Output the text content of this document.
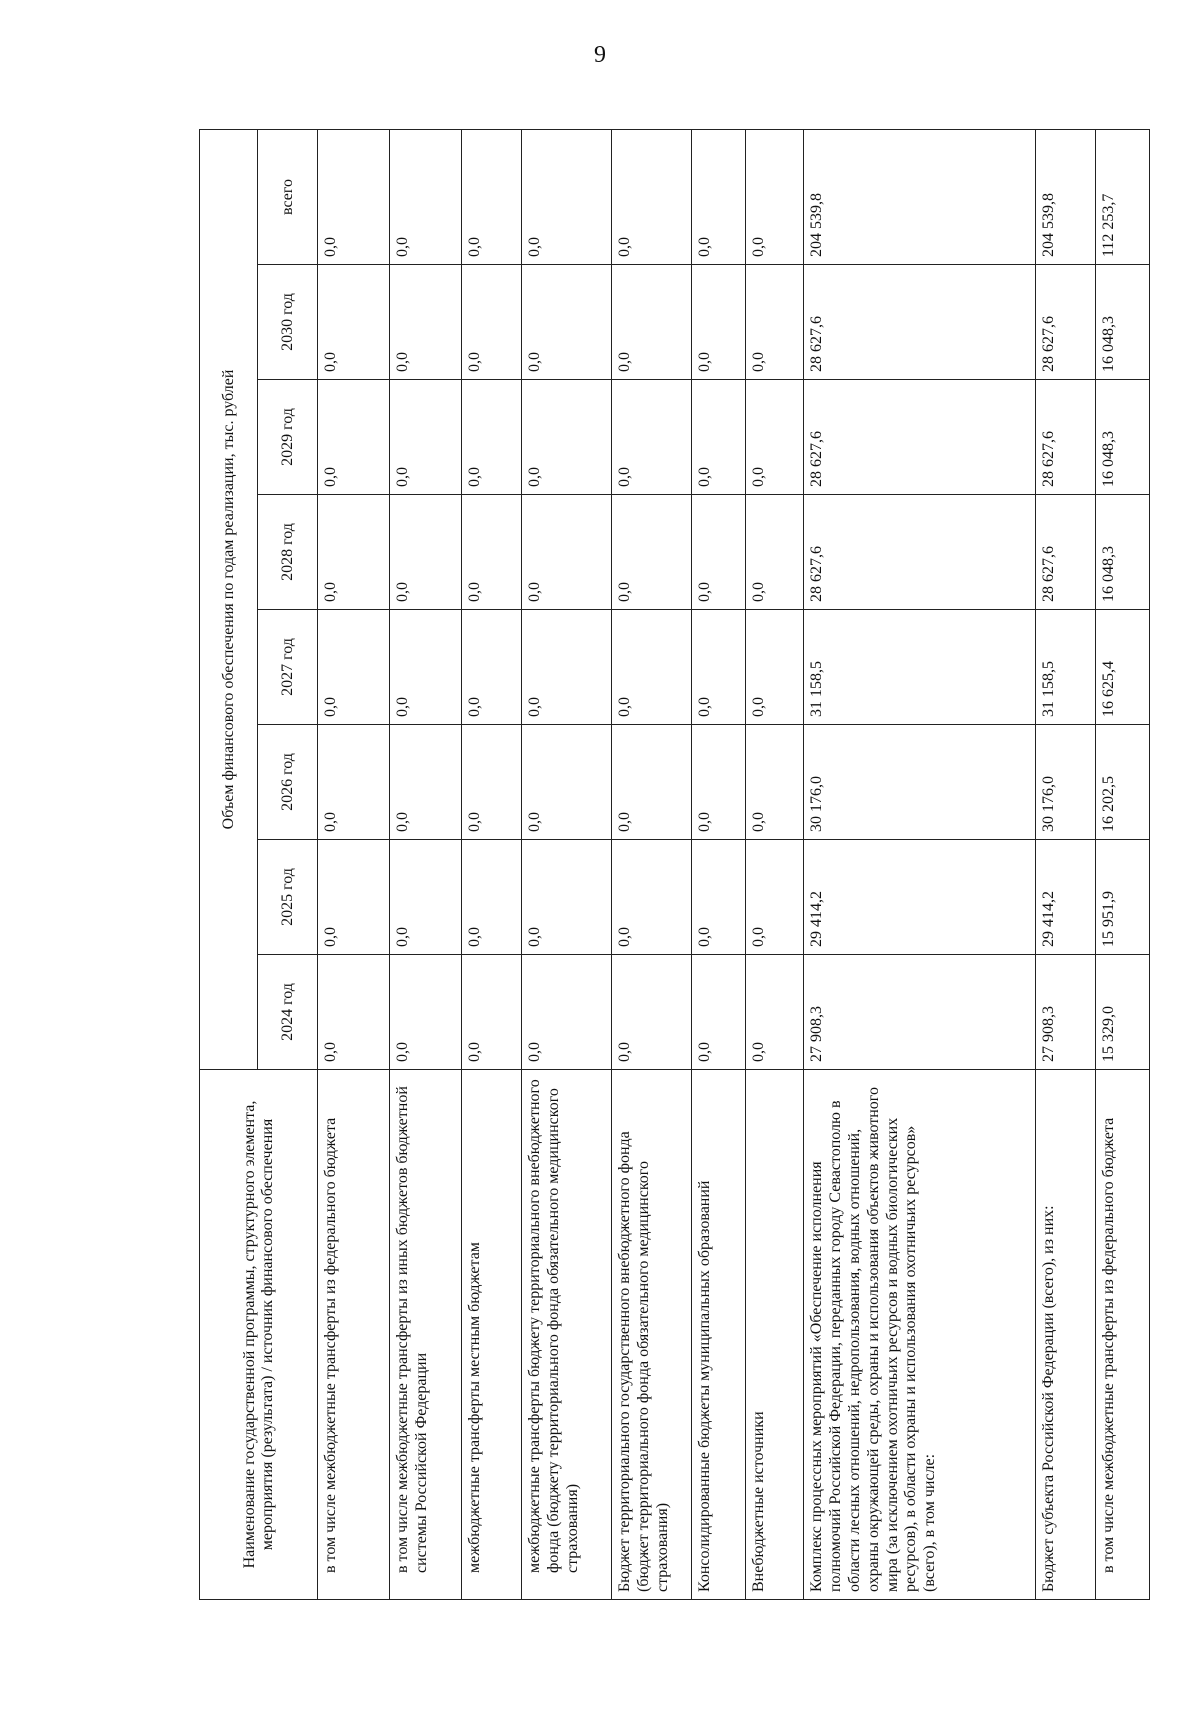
9
Наименование государственной программы, структурного элемента, мероприятия (результата) / источник финансового обеспечения	Объем финансового обеспечения по годам реализации, тыс. рублей							
	2024 год	2025 год	2026 год	2027 год	2028 год	2029 год	2030 год	всего
в том числе межбюджетные трансферты из федерального бюджета	0,0	0,0	0,0	0,0	0,0	0,0	0,0	0,0
в том числе межбюджетные трансферты из иных бюджетов бюджетной системы Российской Федерации	0,0	0,0	0,0	0,0	0,0	0,0	0,0	0,0
межбюджетные трансферты местным бюджетам	0,0	0,0	0,0	0,0	0,0	0,0	0,0	0,0
межбюджетные трансферты бюджету территориального внебюджетного фонда (бюджету территориального фонда обязательного медицинского страхования)	0,0	0,0	0,0	0,0	0,0	0,0	0,0	0,0
Бюджет территориального государственного внебюджетного фонда (бюджет территориального фонда обязательного медицинского страхования)	0,0	0,0	0,0	0,0	0,0	0,0	0,0	0,0
Консолидированные бюджеты муниципальных образований	0,0	0,0	0,0	0,0	0,0	0,0	0,0	0,0
Внебюджетные источники	0,0	0,0	0,0	0,0	0,0	0,0	0,0	0,0
Комплекс процессных мероприятий «Обеспечение исполнения полномочий Российской Федерации, переданных городу Севастополю в области лесных отношений, недропользования, водных отношений, охраны окружающей среды, охраны и использования объектов животного мира (за исключением охотничьих ресурсов и водных биологических ресурсов), в области охраны и использования охотничьих ресурсов» (всего), в том числе:	27 908,3	29 414,2	30 176,0	31 158,5	28 627,6	28 627,6	28 627,6	204 539,8
Бюджет субъекта Российской Федерации (всего), из них:	27 908,3	29 414,2	30 176,0	31 158,5	28 627,6	28 627,6	28 627,6	204 539,8
в том числе межбюджетные трансферты из федерального бюджета	15 329,0	15 951,9	16 202,5	16 625,4	16 048,3	16 048,3	16 048,3	112 253,7
